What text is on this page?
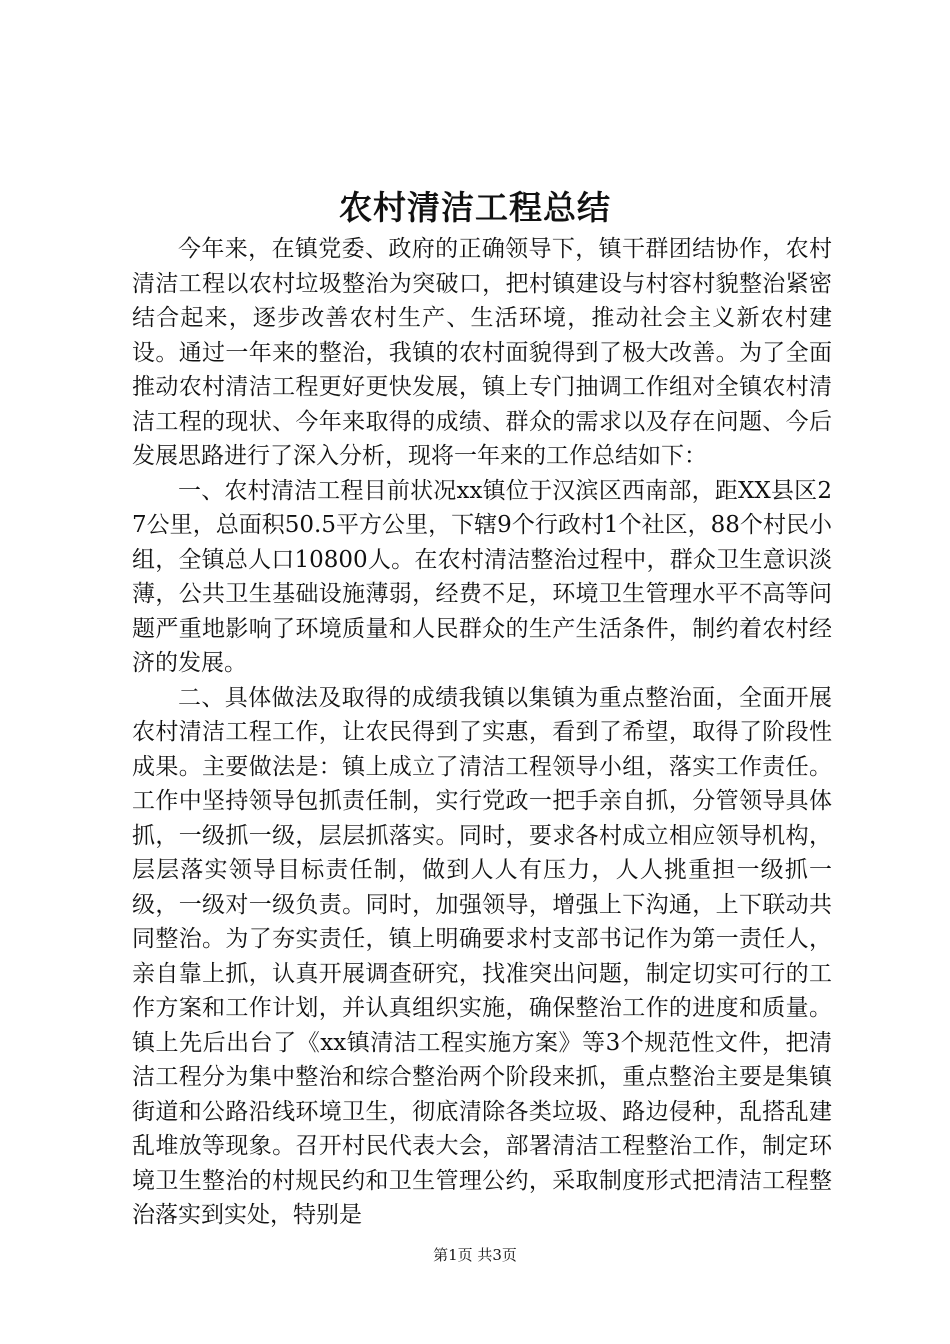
农村清洁工程总结

今年来，在镇党委、政府的正确领导下，镇干群团结协作，农村清洁工程以农村垃圾整治为突破口，把村镇建设与村容村貌整治紧密结合起来，逐步改善农村生产、生活环境，推动社会主义新农村建设。通过一年来的整治，我镇的农村面貌得到了极大改善。为了全面推动农村清洁工程更好更快发展，镇上专门抽调工作组对全镇农村清洁工程的现状、今年来取得的成绩、群众的需求以及存在问题、今后发展思路进行了深入分析，现将一年来的工作总结如下：

一、农村清洁工程目前状况xx镇位于汉滨区西南部，距XX县区27公里，总面积50.5平方公里，下辖9个行政村1个社区，88个村民小组，全镇总人口10800人。在农村清洁整治过程中，群众卫生意识淡薄，公共卫生基础设施薄弱，经费不足，环境卫生管理水平不高等问题严重地影响了环境质量和人民群众的生产生活条件，制约着农村经济的发展。

二、具体做法及取得的成绩我镇以集镇为重点整治面，全面开展农村清洁工程工作，让农民得到了实惠，看到了希望，取得了阶段性成果。主要做法是：镇上成立了清洁工程领导小组，落实工作责任。工作中坚持领导包抓责任制，实行党政一把手亲自抓，分管领导具体抓，一级抓一级，层层抓落实。同时，要求各村成立相应领导机构，层层落实领导目标责任制，做到人人有压力，人人挑重担一级抓一级，一级对一级负责。同时，加强领导，增强上下沟通，上下联动共同整治。为了夯实责任，镇上明确要求村支部书记作为第一责任人，亲自靠上抓，认真开展调查研究，找准突出问题，制定切实可行的工作方案和工作计划，并认真组织实施，确保整治工作的进度和质量。镇上先后出台了《xx镇清洁工程实施方案》等3个规范性文件，把清洁工程分为集中整治和综合整治两个阶段来抓，重点整治主要是集镇街道和公路沿线环境卫生，彻底清除各类垃圾、路边侵种，乱搭乱建乱堆放等现象。召开村民代表大会，部署清洁工程整治工作，制定环境卫生整治的村规民约和卫生管理公约，采取制度形式把清洁工程整治落实到实处，特别是

第1页 共3页
